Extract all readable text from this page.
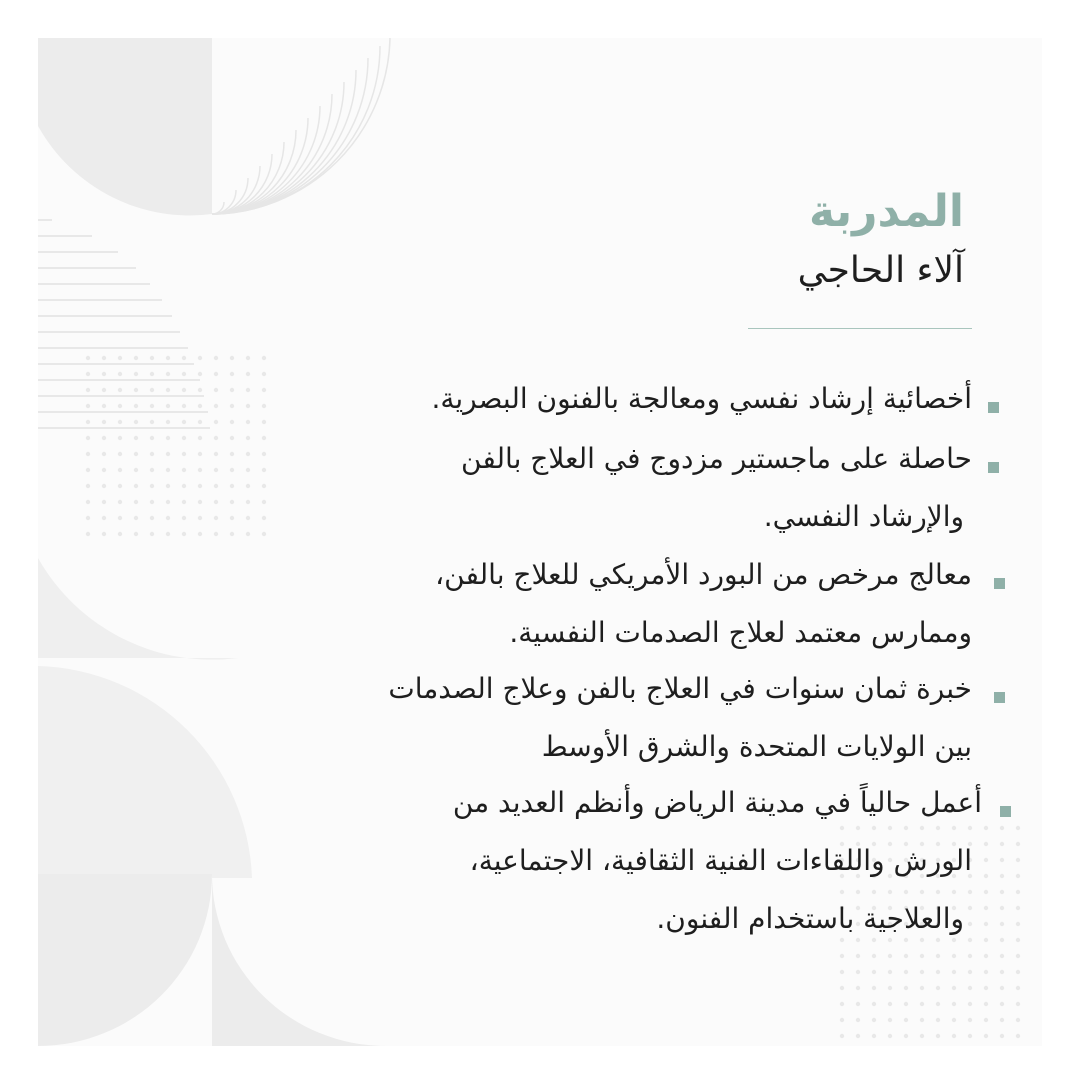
المدربة
آلاء الحاجي
أخصائية إرشاد نفسي ومعالجة بالفنون البصرية.
حاصلة على ماجستير مزدوج في العلاج بالفن
والإرشاد النفسي.
معالج مرخص من البورد الأمريكي للعلاج بالفن،
وممارس معتمد لعلاج الصدمات النفسية.
خبرة ثمان سنوات في العلاج بالفن وعلاج الصدمات
بين الولايات المتحدة والشرق الأوسط
أعمل حالياً في مدينة الرياض وأنظم العديد من
الورش واللقاءات الفنية الثقافية، الاجتماعية،
والعلاجية باستخدام الفنون.
